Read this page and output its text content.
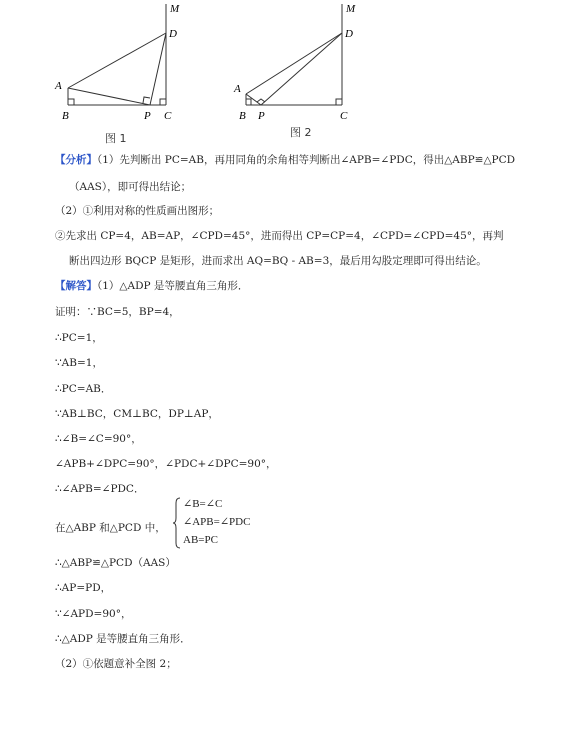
M
D
A
B	P C
图 1
M
D
A
B P	C
图 2
【分析】（1）先判断出 PC=AB，再用同角的余角相等判断出∠APB=∠PDC，得出△ABP≌△PCD
（AAS），即可得出结论；
（2）①利用对称的性质画出图形；
②先求出 CP=4，AB=AP，∠CPD=45°，进而得出 CP=CP=4，∠CPD=∠CPD=45°，再判
断出四边形 BQCP 是矩形，进而求出 AQ=BQ - AB=3，最后用勾股定理即可得出结论。
【解答】（1）△ADP 是等腰直角三角形．
证明：∵BC=5，BP=4，
∴PC=1，
∵AB=1，
∴PC=AB．
∵AB⊥BC，CM⊥BC，DP⊥AP，
∴∠B=∠C=90°，
∠APB+∠DPC=90°，∠PDC+∠DPC=90°，
∴∠APB=∠PDC．
在△ABP 和△PCD 中，
∠B=∠C
∠APB=∠PDC
AB=PC
∴△ABP≌△PCD（AAS）
∴AP=PD，
∵∠APD=90°，
∴△ADP 是等腰直角三角形．
（2）①依题意补全图 2；
